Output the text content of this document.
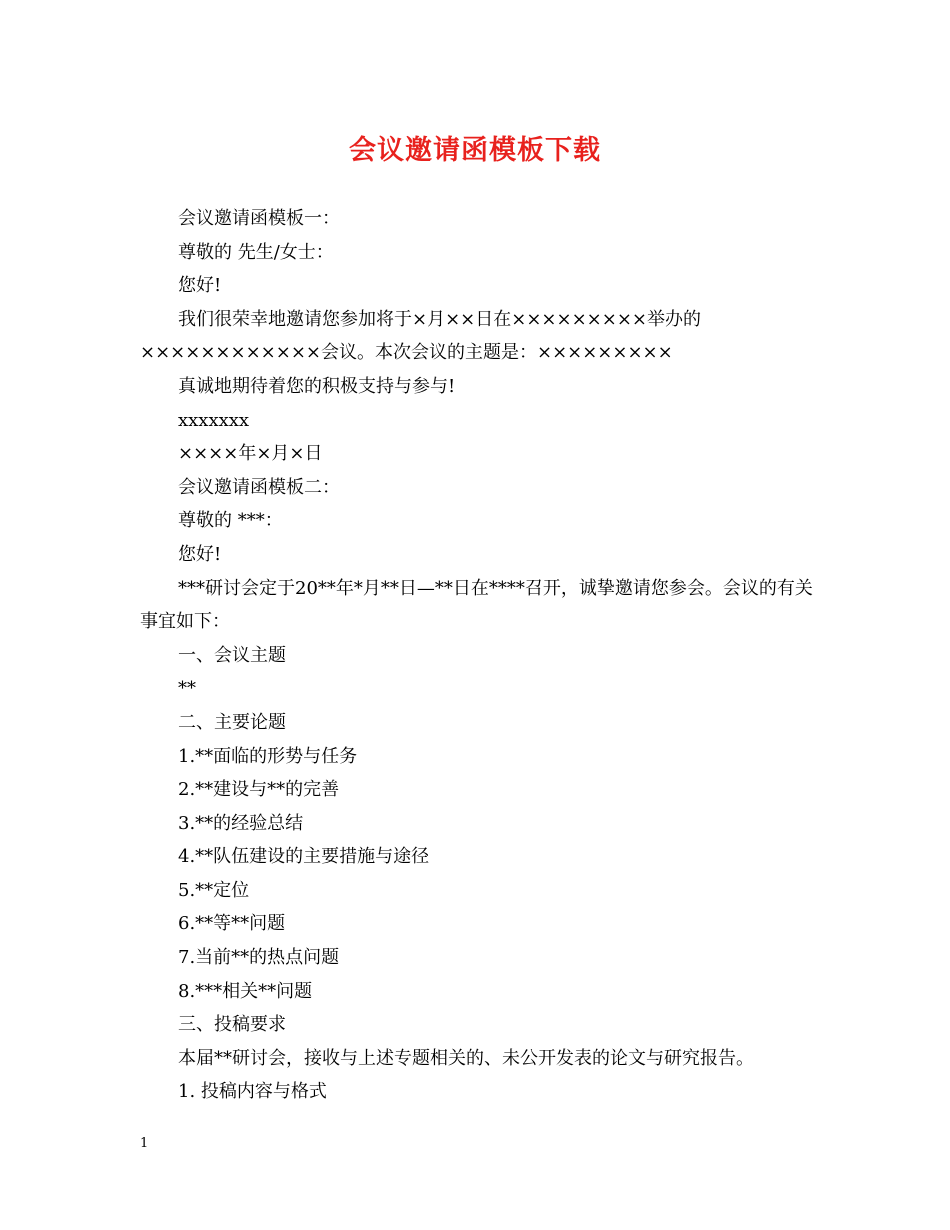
会议邀请函模板下载

会议邀请函模板一：

尊敬的 先生/女士：

您好!

我们很荣幸地邀请您参加将于×月××日在×××××××××举办的××××××××××××会议。本次会议的主题是：×××××××××

真诚地期待着您的积极支持与参与!

xxxxxxx

××××年×月×日

会议邀请函模板二：

尊敬的 ***：

您好!

***研讨会定于20**年*月**日—**日在****召开，诚挚邀请您参会。会议的有关事宜如下：

一、会议主题

**

二、主要论题

1.**面临的形势与任务

2.**建设与**的完善

3.**的经验总结

4.**队伍建设的主要措施与途径

5.**定位

6.**等**问题

7.当前**的热点问题

8.***相关**问题

三、投稿要求

本届**研讨会，接收与上述专题相关的、未公开发表的论文与研究报告。

1. 投稿内容与格式

1
